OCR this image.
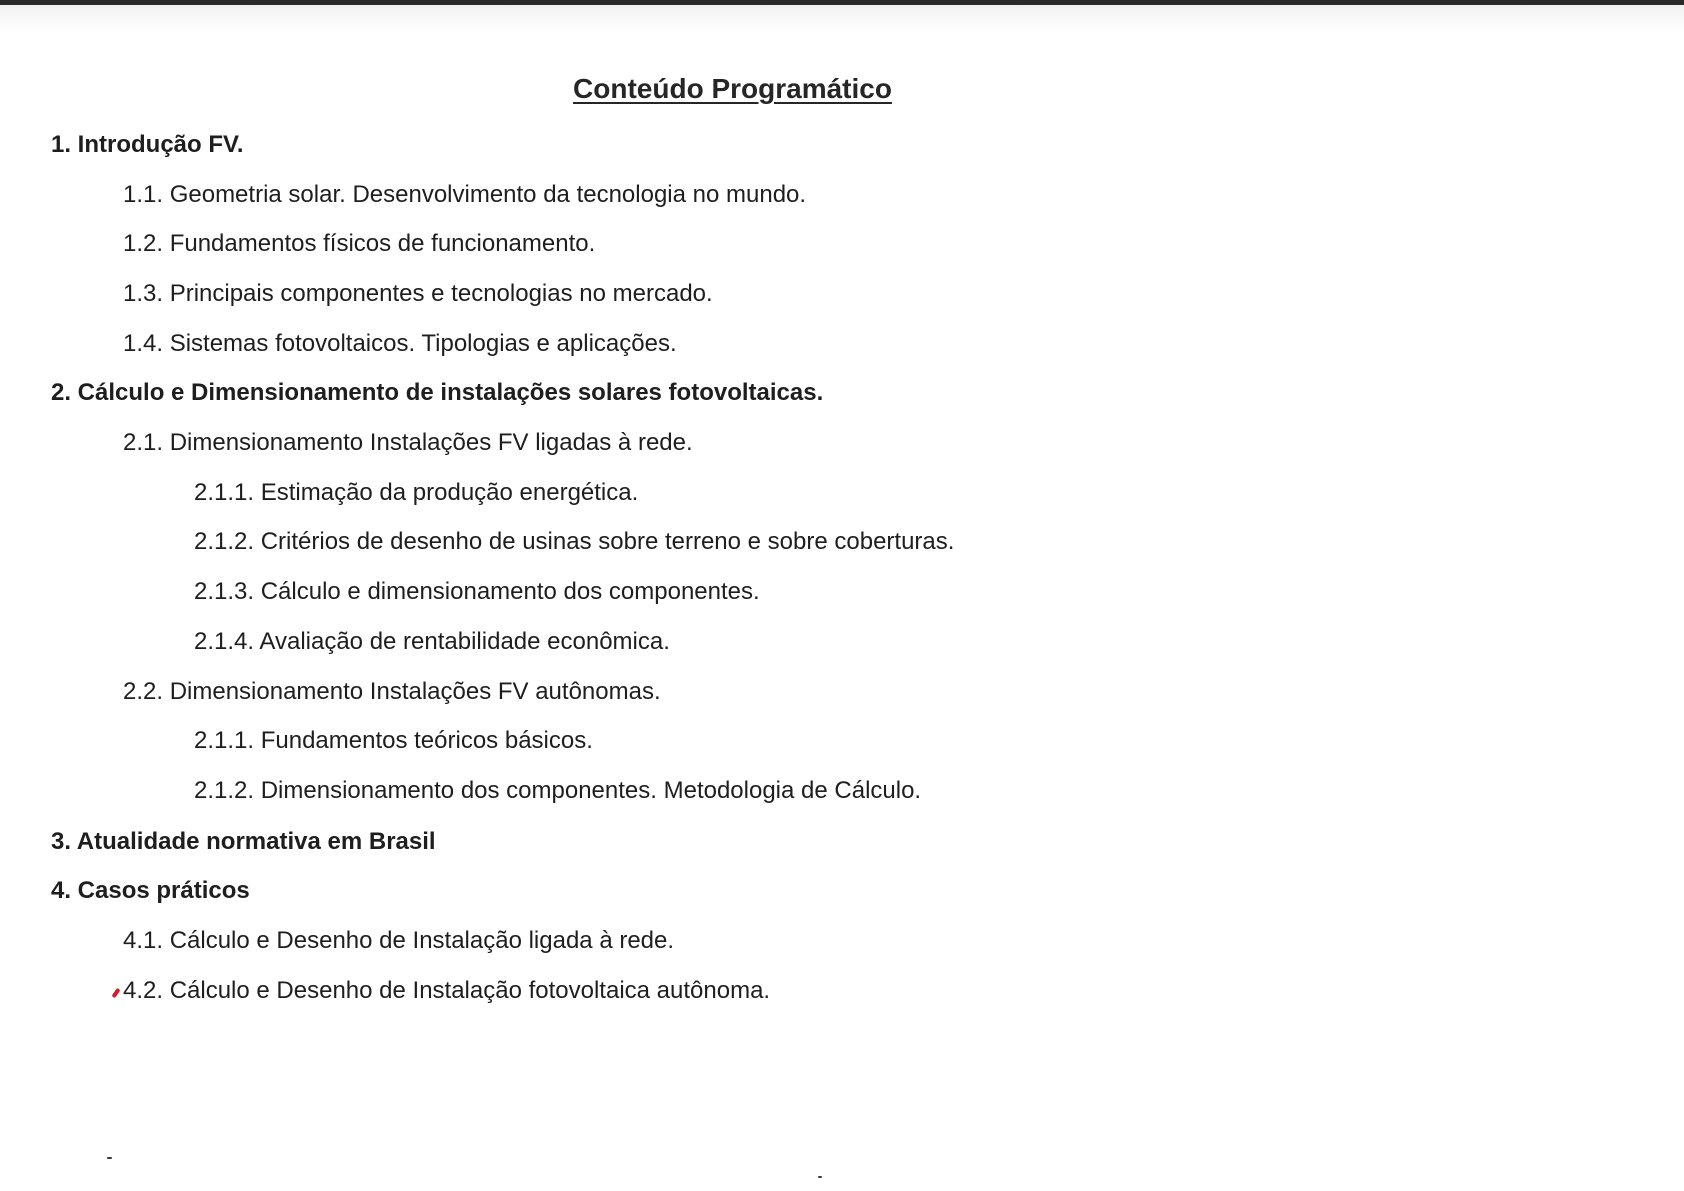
Conteúdo Programático
1. Introdução FV.
1.1. Geometria solar. Desenvolvimento da tecnologia no mundo.
1.2. Fundamentos físicos de funcionamento.
1.3. Principais componentes e tecnologias no mercado.
1.4. Sistemas fotovoltaicos. Tipologias e aplicações.
2. Cálculo e Dimensionamento de instalações solares fotovoltaicas.
2.1. Dimensionamento Instalações FV ligadas à rede.
2.1.1. Estimação da produção energética.
2.1.2. Critérios de desenho de usinas sobre terreno e sobre coberturas.
2.1.3. Cálculo e dimensionamento dos componentes.
2.1.4. Avaliação de rentabilidade econômica.
2.2. Dimensionamento Instalações FV autônomas.
2.1.1. Fundamentos teóricos básicos.
2.1.2. Dimensionamento dos componentes. Metodologia de Cálculo.
3. Atualidade normativa em Brasil
4. Casos práticos
4.1. Cálculo e Desenho de Instalação ligada à rede.
4.2. Cálculo e Desenho de Instalação fotovoltaica autônoma.
